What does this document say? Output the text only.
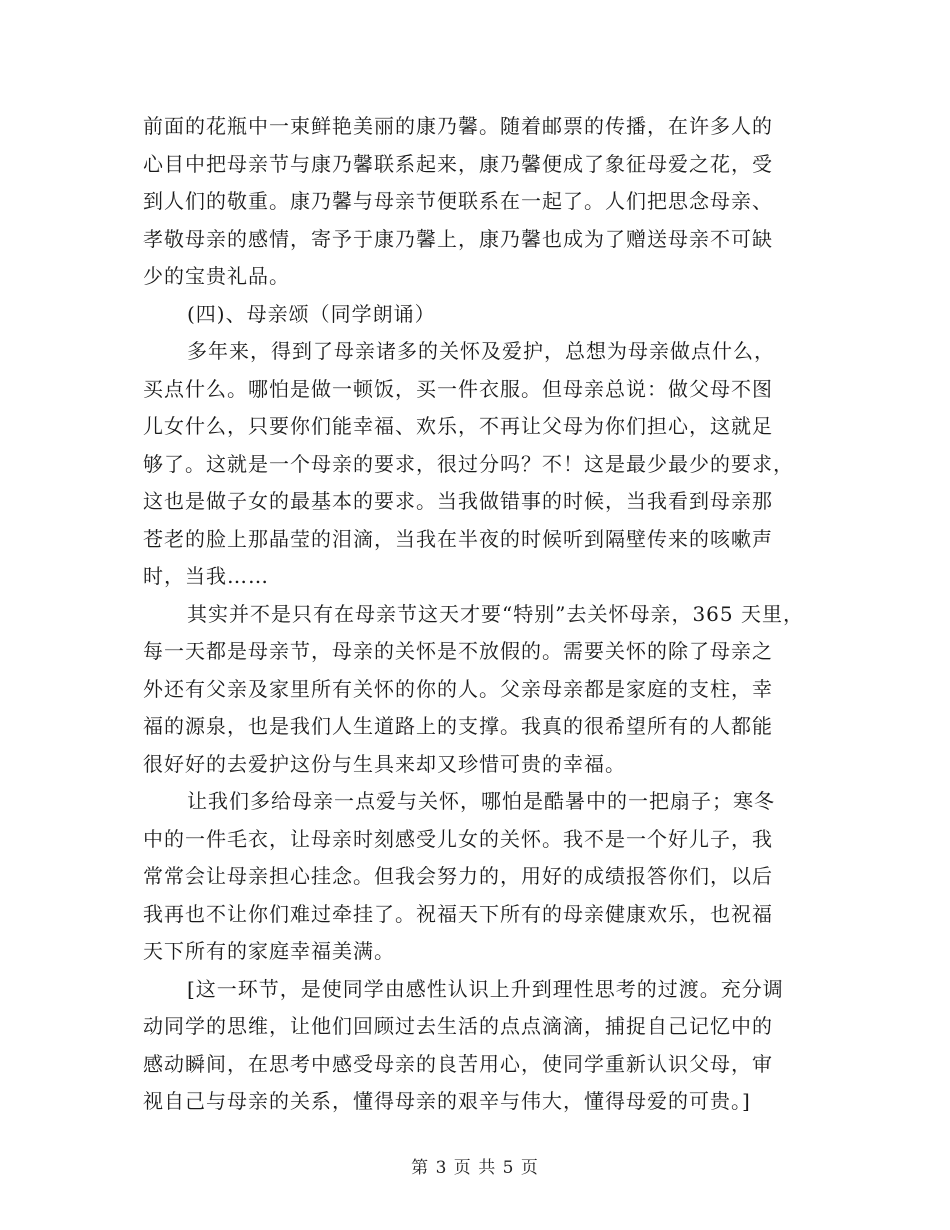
前面的花瓶中一束鲜艳美丽的康乃馨。随着邮票的传播，在许多人的
心目中把母亲节与康乃馨联系起来，康乃馨便成了象征母爱之花，受
到人们的敬重。康乃馨与母亲节便联系在一起了。人们把思念母亲、
孝敬母亲的感情，寄予于康乃馨上，康乃馨也成为了赠送母亲不可缺
少的宝贵礼品。

(四)、母亲颂（同学朗诵）

多年来，得到了母亲诸多的关怀及爱护，总想为母亲做点什么，
买点什么。哪怕是做一顿饭，买一件衣服。但母亲总说：做父母不图
儿女什么，只要你们能幸福、欢乐，不再让父母为你们担心，这就足
够了。这就是一个母亲的要求，很过分吗？不！这是最少最少的要求，
这也是做子女的最基本的要求。当我做错事的时候，当我看到母亲那
苍老的脸上那晶莹的泪滴，当我在半夜的时候听到隔壁传来的咳嗽声
时，当我……

其实并不是只有在母亲节这天才要“特别”去关怀母亲，365 天里，
每一天都是母亲节，母亲的关怀是不放假的。需要关怀的除了母亲之
外还有父亲及家里所有关怀的你的人。父亲母亲都是家庭的支柱，幸
福的源泉，也是我们人生道路上的支撑。我真的很希望所有的人都能
很好好的去爱护这份与生具来却又珍惜可贵的幸福。

让我们多给母亲一点爱与关怀，哪怕是酷暑中的一把扇子；寒冬
中的一件毛衣，让母亲时刻感受儿女的关怀。我不是一个好儿子，我
常常会让母亲担心挂念。但我会努力的，用好的成绩报答你们，以后
我再也不让你们难过牵挂了。祝福天下所有的母亲健康欢乐，也祝福
天下所有的家庭幸福美满。

[这一环节，是使同学由感性认识上升到理性思考的过渡。充分调
动同学的思维，让他们回顾过去生活的点点滴滴，捕捉自己记忆中的
感动瞬间，在思考中感受母亲的良苦用心，使同学重新认识父母，审
视自己与母亲的关系，懂得母亲的艰辛与伟大，懂得母爱的可贵。]

第 3 页 共 5 页
